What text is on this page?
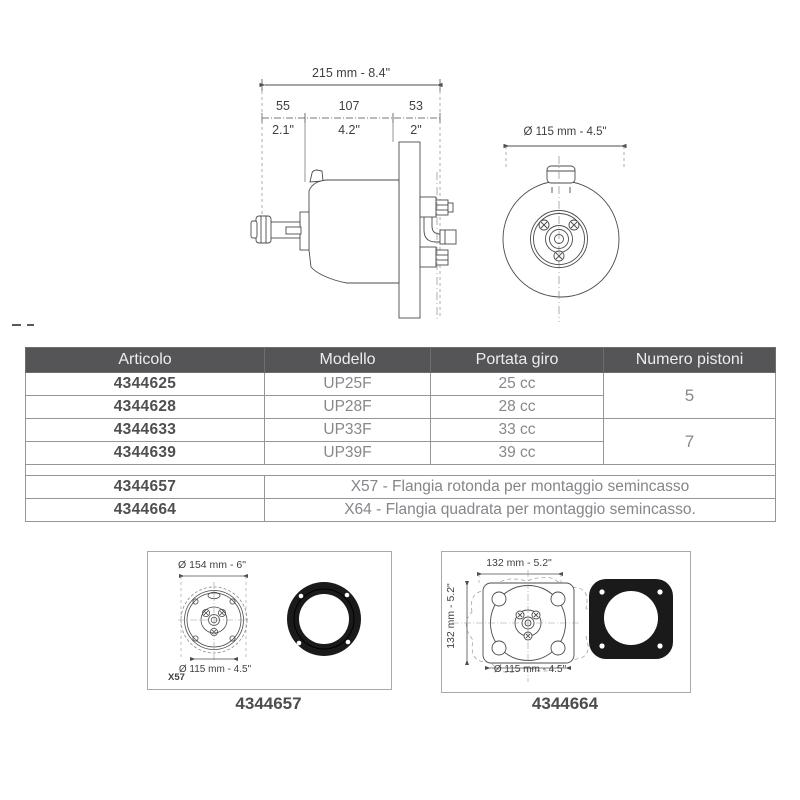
215 mm - 8.4"
55	107	53
2.1"	4.2"	2"	Ø 115 mm - 4.5"
Articolo	Modello	Portata giro	Numero pistoni
4344625	UP25F	25 cc	5
4344628	UP28F	28 cc	
4344633	UP33F	33 cc	7
4344639	UP39F	39 cc	

4344657	X57 - Flangia rotonda per montaggio semincasso		
4344664	X64 - Flangia quadrata per montaggio semincasso.		
Ø 154 mm - 6"
Ø 115 mm - 4.5"
X57
4344657
132 mm - 5.2"
132 mm - 5.2"
Ø 115 mm - 4.5"
4344664
